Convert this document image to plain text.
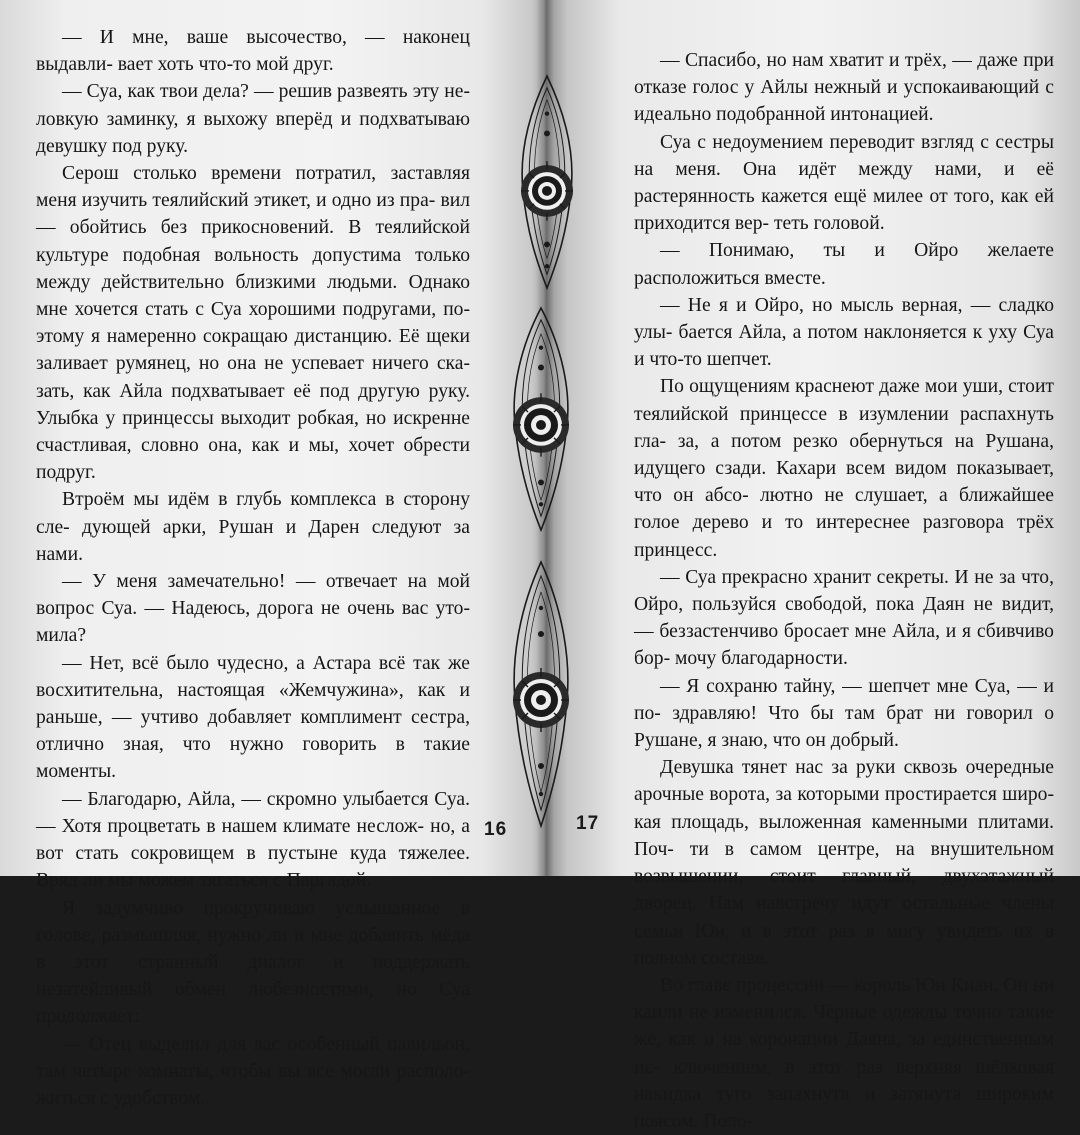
— И мне, ваше высочество, — наконец выдавли- вает хоть что-то мой друг.

— Суа, как твои дела? — решив развеять эту не- ловкую заминку, я выхожу вперёд и подхватываю девушку под руку.

Серош столько времени потратил, заставляя меня изучить теялийский этикет, и одно из пра- вил — обойтись без прикосновений. В теялийской культуре подобная вольность допустима только между действительно близкими людьми. Однако мне хочется стать с Суа хорошими подругами, по- этому я намеренно сокращаю дистанцию. Её щеки заливает румянец, но она не успевает ничего ска- зать, как Айла подхватывает её под другую руку. Улыбка у принцессы выходит робкая, но искренне счастливая, словно она, как и мы, хочет обрести подруг.

Втроём мы идём в глубь комплекса в сторону сле- дующей арки, Рушан и Дарен следуют за нами.

— У меня замечательно! — отвечает на мой вопрос Суа. — Надеюсь, дорога не очень вас уто- мила?

— Нет, всё было чудесно, а Астара всё так же восхитительна, настоящая «Жемчужина», как и раньше, — учтиво добавляет комплимент сестра, отлично зная, что нужно говорить в такие моменты.

— Благодарю, Айла, — скромно улыбается Суа. — Хотя процветать в нашем климате неслож‑ но, а вот стать сокровищем в пустыне куда тяжелее. Вряд ли мы можем тягаться с Паргадой.

Я задумчиво прокручиваю услышанное в голове, размышляя, нужно ли и мне добавить мёда в этот странный диалог и поддержать незатейливый обмен любезностями, но Суа продолжает:

— Отец выделил для вас особенный павильон, там четыре комнаты, чтобы вы все могли располо- житься с удобством.

16

— Спасибо, но нам хватит и трёх, — даже при отказе голос у Айлы нежный и успокаивающий с идеально подобранной интонацией.

Суа с недоумением переводит взгляд с сестры на меня. Она идёт между нами, и её растерянность кажется ещё милее от того, как ей приходится вер- теть головой.

— Понимаю, ты и Ойро желаете расположиться вместе.

— Не я и Ойро, но мысль верная, — сладко улы- бается Айла, а потом наклоняется к уху Суа и что-то шепчет.

По ощущениям краснеют даже мои уши, стоит теялийской принцессе в изумлении распахнуть гла- за, а потом резко обернуться на Рушана, идущего сзади. Кахари всем видом показывает, что он абсо- лютно не слушает, а ближайшее голое дерево и то интереснее разговора трёх принцесс.

— Суа прекрасно хранит секреты. И не за что, Ойро, пользуйся свободой, пока Даян не видит, — беззастенчиво бросает мне Айла, и я сбивчиво бор- мочу благодарности.

— Я сохраню тайну, — шепчет мне Суа, — и по- здравляю! Что бы там брат ни говорил о Рушане, я знаю, что он добрый.

Девушка тянет нас за руки сквозь очередные арочные ворота, за которыми простирается широ- кая площадь, выложенная каменными плитами. Поч- ти в самом центре, на внушительном возвышении, стоит главный, двухэтажный дворец. Нам навстречу идут остальные члены семьи Юн, и в этот раз я могу увидеть их в полном составе.

Во главе процессии — король Юн Киан. Он ни капли не изменился. Чёрные одежды точно такие же, как и на коронации Даяна, за единственным ис- ключением, в этот раз верхняя шёлковая накидка туго запахнута и затянута широким поясом. Поло-

17
